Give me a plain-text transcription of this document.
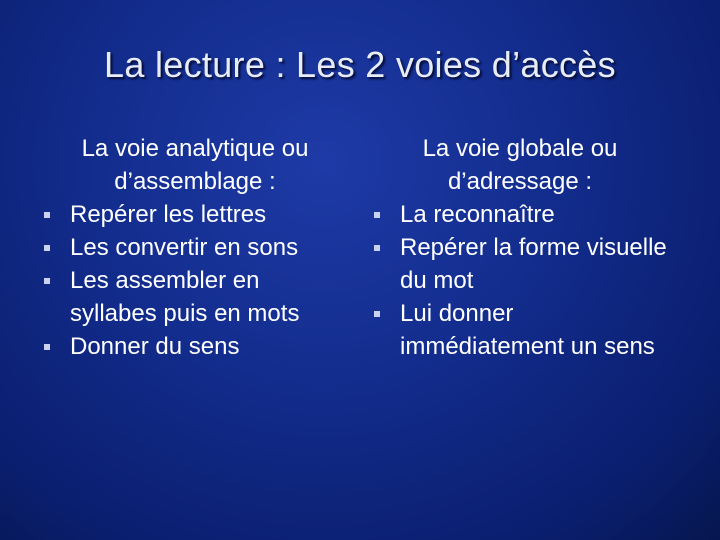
La lecture : Les 2 voies d’accès
La voie analytique ou d’assemblage :
Repérer les lettres
Les convertir en sons
Les assembler en syllabes puis en mots
Donner du sens
La voie globale ou d’adressage :
La reconnaître
Repérer la forme visuelle du mot
Lui donner immédiatement un sens
